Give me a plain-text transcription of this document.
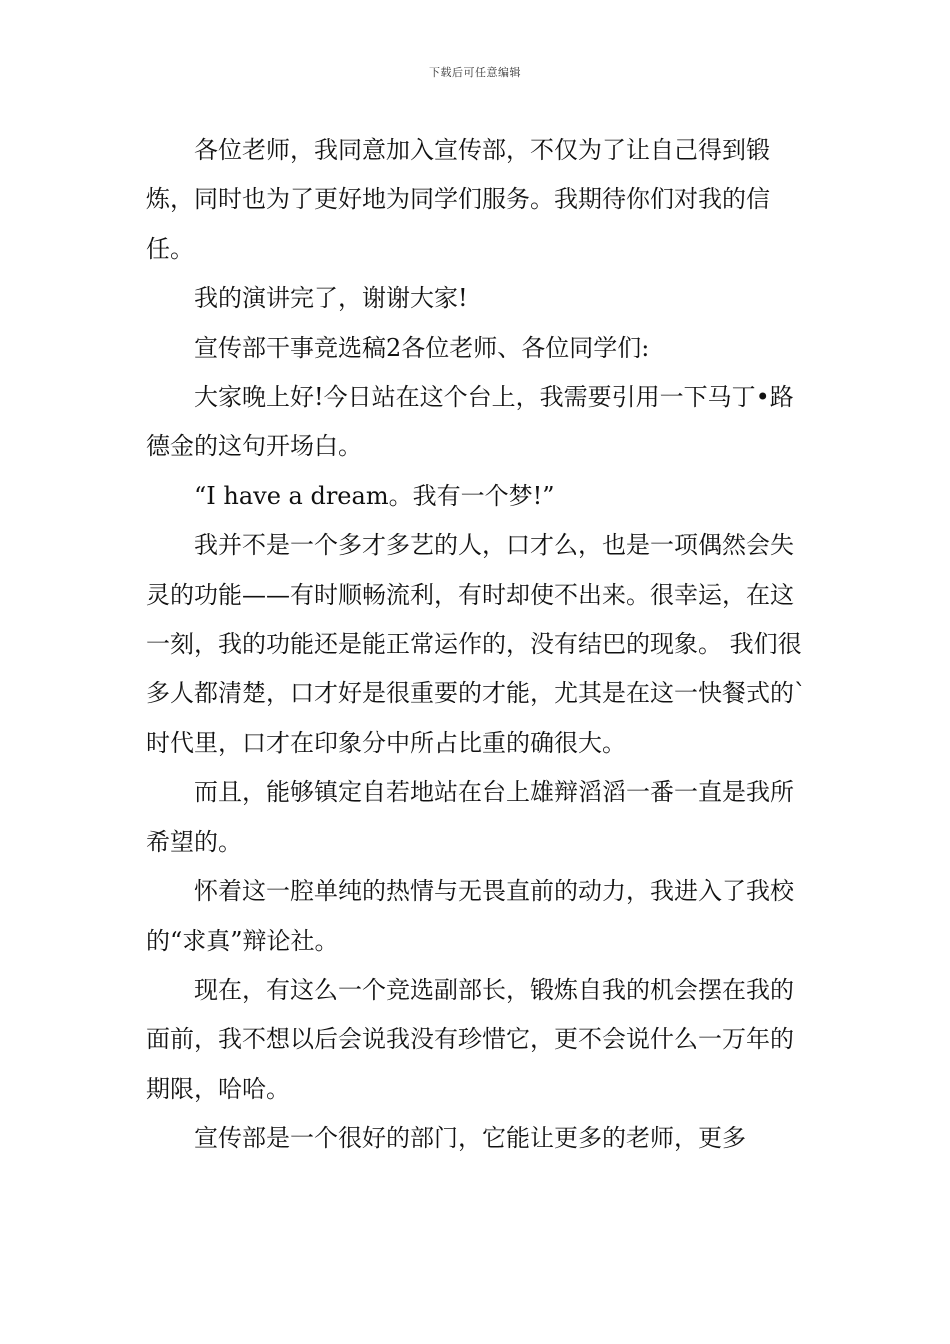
下载后可任意编辑

各位老师，我同意加入宣传部，不仅为了让自己得到锻炼，同时也为了更好地为同学们服务。我期待你们对我的信任。

我的演讲完了，谢谢大家!

宣传部干事竞选稿2各位老师、各位同学们:

大家晚上好!今日站在这个台上，我需要引用一下马丁•路德金的这句开场白。

“I have a dream。我有一个梦!”

我并不是一个多才多艺的人，口才么，也是一项偶然会失灵的功能——有时顺畅流利，有时却使不出来。很幸运，在这一刻，我的功能还是能正常运作的，没有结巴的现象。 我们很多人都清楚，口才好是很重要的才能，尤其是在这一快餐式的`时代里，口才在印象分中所占比重的确很大。

而且，能够镇定自若地站在台上雄辩滔滔一番一直是我所希望的。

怀着这一腔单纯的热情与无畏直前的动力，我进入了我校的“求真”辩论社。

现在，有这么一个竞选副部长，锻炼自我的机会摆在我的面前，我不想以后会说我没有珍惜它，更不会说什么一万年的期限，哈哈。

宣传部是一个很好的部门，它能让更多的老师，更多
